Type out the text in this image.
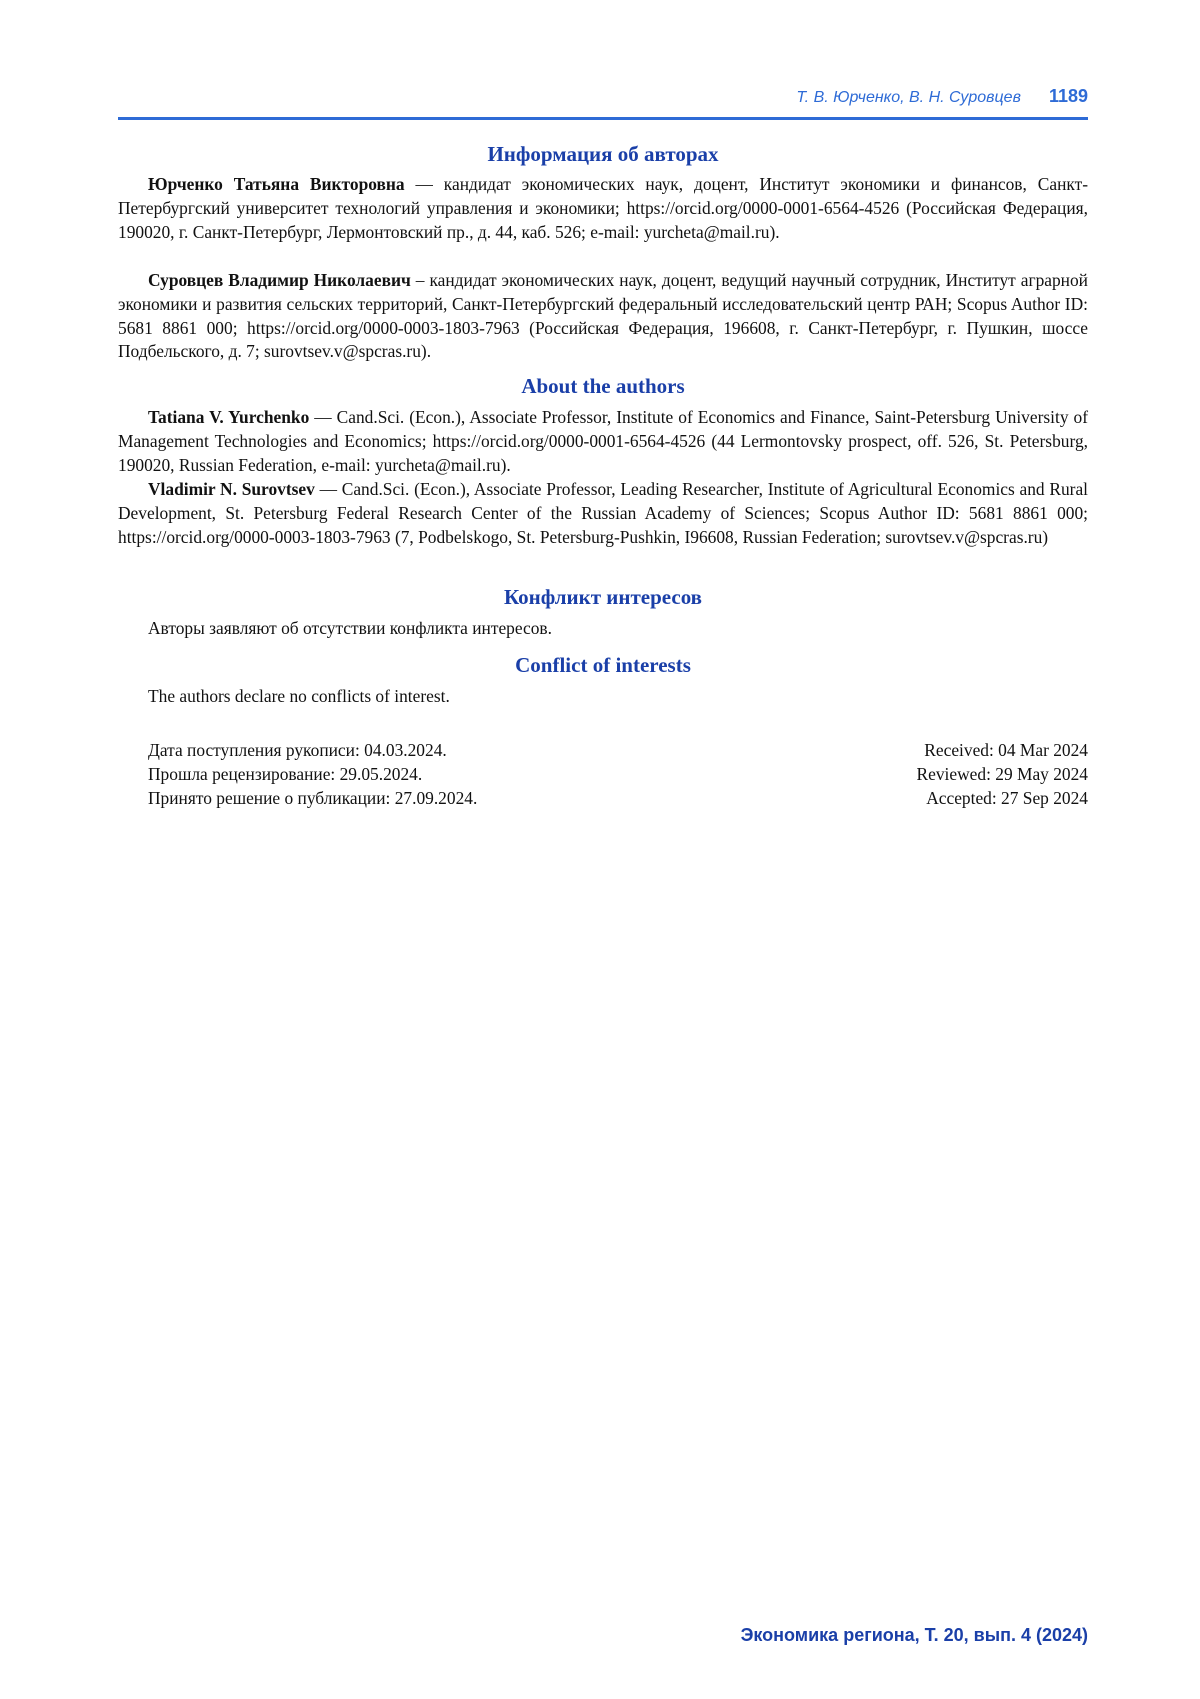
Т. В. Юрченко, В. Н. Суровцев 1189
Информация об авторах

Юрченко Татьяна Викторовна — кандидат экономических наук, доцент, Институт экономики и финансов, Санкт-Петербургский университет технологий управления и экономики; https://orcid.org/0000-0001-6564-4526 (Российская Федерация, 190020, г. Санкт-Петербург, Лермонтовский пр., д. 44, каб. 526; e-mail: yurcheta@mail.ru).

Суровцев Владимир Николаевич – кандидат экономических наук, доцент, ведущий научный сотрудник, Институт аграрной экономики и развития сельских территорий, Санкт-Петербургский федеральный исследовательский центр РАН; Scopus Author ID: 5681 8861 000; https://orcid.org/0000-0003-1803-7963 (Российская Федерация, 196608, г. Санкт-Петербург, г. Пушкин, шоссе Подбельского, д. 7; surovtsev.v@spcras.ru).

About the authors

Tatiana V. Yurchenko — Cand.Sci. (Econ.), Associate Professor, Institute of Economics and Finance, Saint-Petersburg University of Management Technologies and Economics; https://orcid.org/0000-0001-6564-4526 (44 Lermontovsky prospect, off. 526, St. Petersburg, 190020, Russian Federation, e-mail: yurcheta@mail.ru).

Vladimir N. Surovtsev — Cand.Sci. (Econ.), Associate Professor, Leading Researcher, Institute of Agricultural Economics and Rural Development, St. Petersburg Federal Research Center of the Russian Academy of Sciences; Scopus Author ID: 5681 8861 000; https://orcid.org/0000-0003-1803-7963 (7, Podbelskogo, St. Petersburg-Pushkin, I96608, Russian Federation; surovtsev.v@spcras.ru)

Конфликт интересов

Авторы заявляют об отсутствии конфликта интересов.

Conflict of interests

The authors declare no conflicts of interest.

Дата поступления рукописи: 04.03.2024.
Прошла рецензирование: 29.05.2024.
Принято решение о публикации: 27.09.2024.
Received: 04 Mar 2024
Reviewed: 29 May 2024
Accepted: 27 Sep 2024
Экономика региона, Т. 20, вып. 4 (2024)
